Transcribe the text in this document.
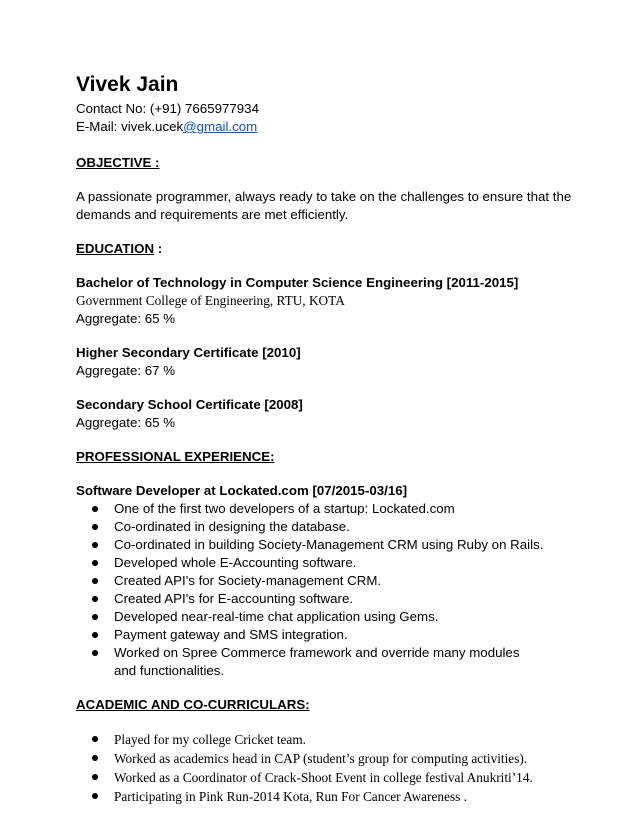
Vivek Jain

Contact No: (+91) 7665977934

E-Mail: vivek.ucek@gmail.com

OBJECTIVE :

A passionate programmer, always ready to take on the challenges to ensure that the demands and requirements are met efficiently.

EDUCATION :

Bachelor of Technology in Computer Science Engineering [2011-2015]

Government College of Engineering, RTU, KOTA

Aggregate: 65 %

Higher Secondary Certificate [2010]

Aggregate: 67 %

Secondary School Certificate [2008]

Aggregate: 65 %

PROFESSIONAL EXPERIENCE:

Software Developer at Lockated.com [07/2015-03/16]

One of the first two developers of a startup: Lockated.com
Co-ordinated in designing the database.
Co-ordinated in building Society-Management CRM using Ruby on Rails.
Developed whole E-Accounting software.
Created API's for Society-management CRM.
Created API's for E-accounting software.
Developed near-real-time chat application using Gems.
Payment gateway and SMS integration.
Worked on Spree Commerce framework and override many modules and functionalities.

ACADEMIC AND CO-CURRICULARS:

Played for my college Cricket team.
Worked as academics head in CAP (student’s group for computing activities).
Worked as a Coordinator of Crack-Shoot Event in college festival Anukriti’14.
Participating in Pink Run-2014 Kota, Run For Cancer Awareness .
